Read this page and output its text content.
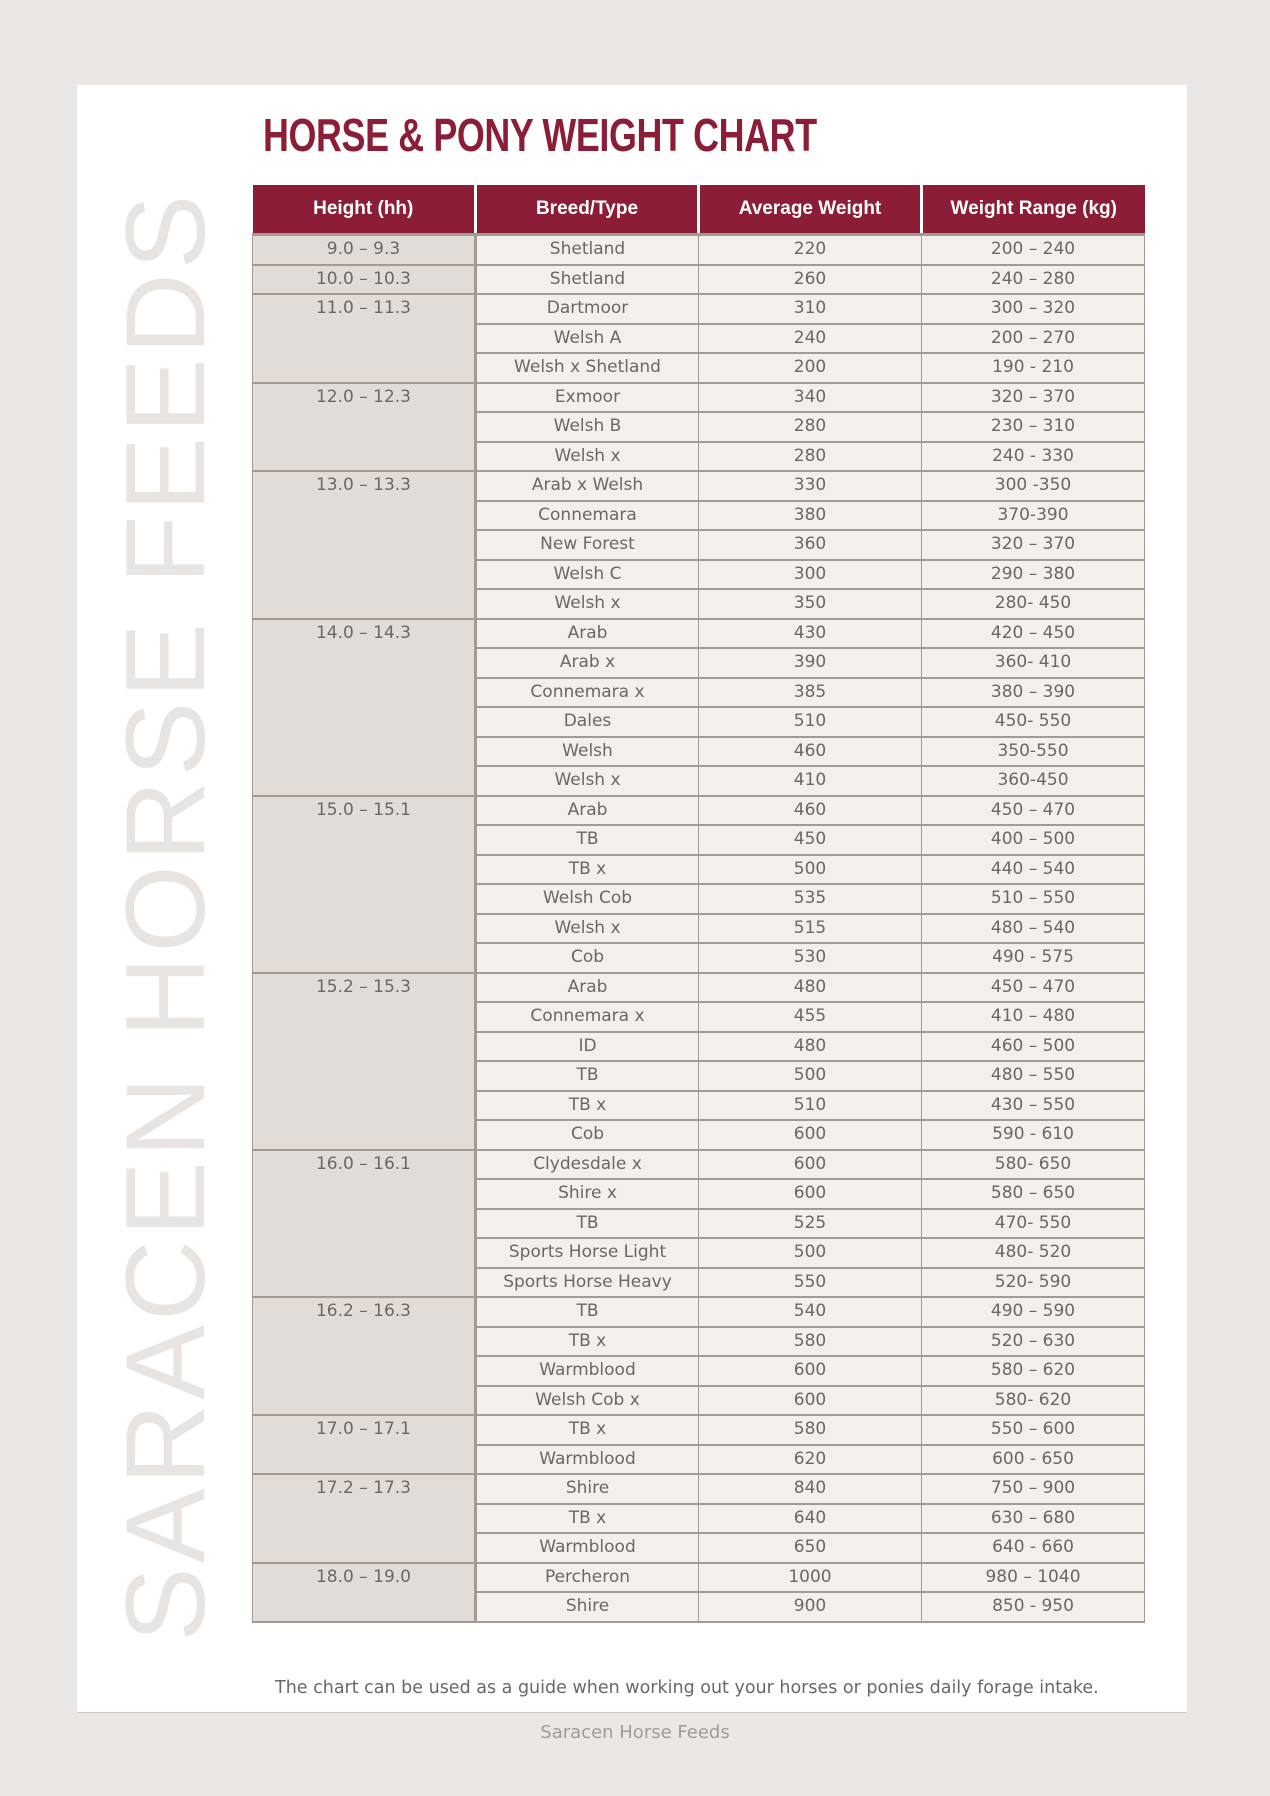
SARACEN HORSE FEEDS
HORSE & PONY WEIGHT CHART
Height (hh)	Breed/Type	Average Weight	Weight Range (kg)
9.0 – 9.3	Shetland	220	200 – 240
10.0 – 10.3	Shetland	260	240 – 280
11.0 – 11.3	Dartmoor	310	300 – 320
	Welsh A	240	200 – 270
	Welsh x Shetland	200	190 - 210
12.0 – 12.3	Exmoor	340	320 – 370
	Welsh B	280	230 – 310
	Welsh x	280	240 - 330
13.0 – 13.3	Arab x Welsh	330	300 -350
	Connemara	380	370-390
	New Forest	360	320 – 370
	Welsh C	300	290 – 380
	Welsh x	350	280- 450
14.0 – 14.3	Arab	430	420 – 450
	Arab x	390	360- 410
	Connemara x	385	380 – 390
	Dales	510	450- 550
	Welsh	460	350-550
	Welsh x	410	360-450
15.0 – 15.1	Arab	460	450 – 470
	TB	450	400 – 500
	TB x	500	440 – 540
	Welsh Cob	535	510 – 550
	Welsh x	515	480 – 540
	Cob	530	490 - 575
15.2 – 15.3	Arab	480	450 – 470
	Connemara x	455	410 – 480
	ID	480	460 – 500
	TB	500	480 – 550
	TB x	510	430 – 550
	Cob	600	590 - 610
16.0 – 16.1	Clydesdale x	600	580- 650
	Shire x	600	580 – 650
	TB	525	470- 550
	Sports Horse Light	500	480- 520
	Sports Horse Heavy	550	520- 590
16.2 – 16.3	TB	540	490 – 590
	TB x	580	520 – 630
	Warmblood	600	580 – 620
	Welsh Cob x	600	580- 620
17.0 – 17.1	TB x	580	550 – 600
	Warmblood	620	600 - 650
17.2 – 17.3	Shire	840	750 – 900
	TB x	640	630 – 680
	Warmblood	650	640 - 660
18.0 – 19.0	Percheron	1000	980 – 1040
	Shire	900	850 - 950
The chart can be used as a guide when working out your horses or ponies daily forage intake.
Saracen Horse Feeds
